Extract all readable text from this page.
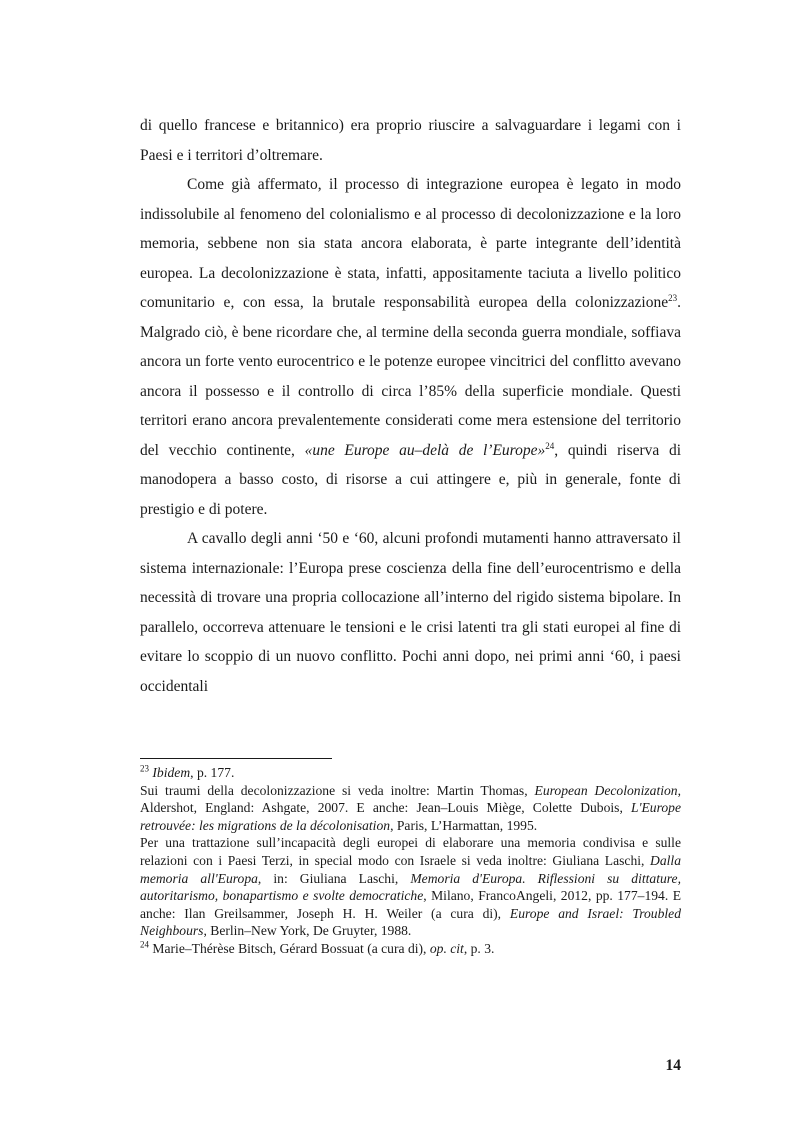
di quello francese e britannico) era proprio riuscire a salvaguardare i legami con i Paesi e i territori d’oltremare.

Come già affermato, il processo di integrazione europea è legato in modo indissolubile al fenomeno del colonialismo e al processo di decolonizzazione e la loro memoria, sebbene non sia stata ancora elaborata, è parte integrante dell’identità europea. La decolonizzazione è stata, infatti, appositamente taciuta a livello politico comunitario e, con essa, la brutale responsabilità europea della colonizzazione$^{23}$. Malgrado ciò, è bene ricordare che, al termine della seconda guerra mondiale, soffiava ancora un forte vento eurocentrico e le potenze europee vincitrici del conflitto avevano ancora il possesso e il controllo di circa l’85% della superficie mondiale. Questi territori erano ancora prevalentemente considerati come mera estensione del territorio del vecchio continente, «une Europe au–delà de l’Europe»$^{24}$, quindi riserva di manodopera a basso costo, di risorse a cui attingere e, più in generale, fonte di prestigio e di potere.

A cavallo degli anni ‘50 e ‘60, alcuni profondi mutamenti hanno attraversato il sistema internazionale: l’Europa prese coscienza della fine dell’eurocentrismo e della necessità di trovare una propria collocazione all’interno del rigido sistema bipolare. In parallelo, occorreva attenuare le tensioni e le crisi latenti tra gli stati europei al fine di evitare lo scoppio di un nuovo conflitto. Pochi anni dopo, nei primi anni ‘60, i paesi occidentali

$^{23}$ Ibidem, p. 177.

Sui traumi della decolonizzazione si veda inoltre: Martin Thomas, European Decolonization, Aldershot, England: Ashgate, 2007. E anche: Jean–Louis Miège, Colette Dubois, L'Europe retrouvée: les migrations de la décolonisation, Paris, L’Harmattan, 1995.

Per una trattazione sull’incapacità degli europei di elaborare una memoria condivisa e sulle relazioni con i Paesi Terzi, in special modo con Israele si veda inoltre: Giuliana Laschi, Dalla memoria all'Europa, in: Giuliana Laschi, Memoria d'Europa. Riflessioni su dittature, autoritarismo, bonapartismo e svolte democratiche, Milano, FrancoAngeli, 2012, pp. 177–194. E anche: Ilan Greilsammer, Joseph H. H. Weiler (a cura di), Europe and Israel: Troubled Neighbours, Berlin–New York, De Gruyter, 1988.

$^{24}$ Marie–Thérèse Bitsch, Gérard Bossuat (a cura di), op. cit, p. 3.

14
